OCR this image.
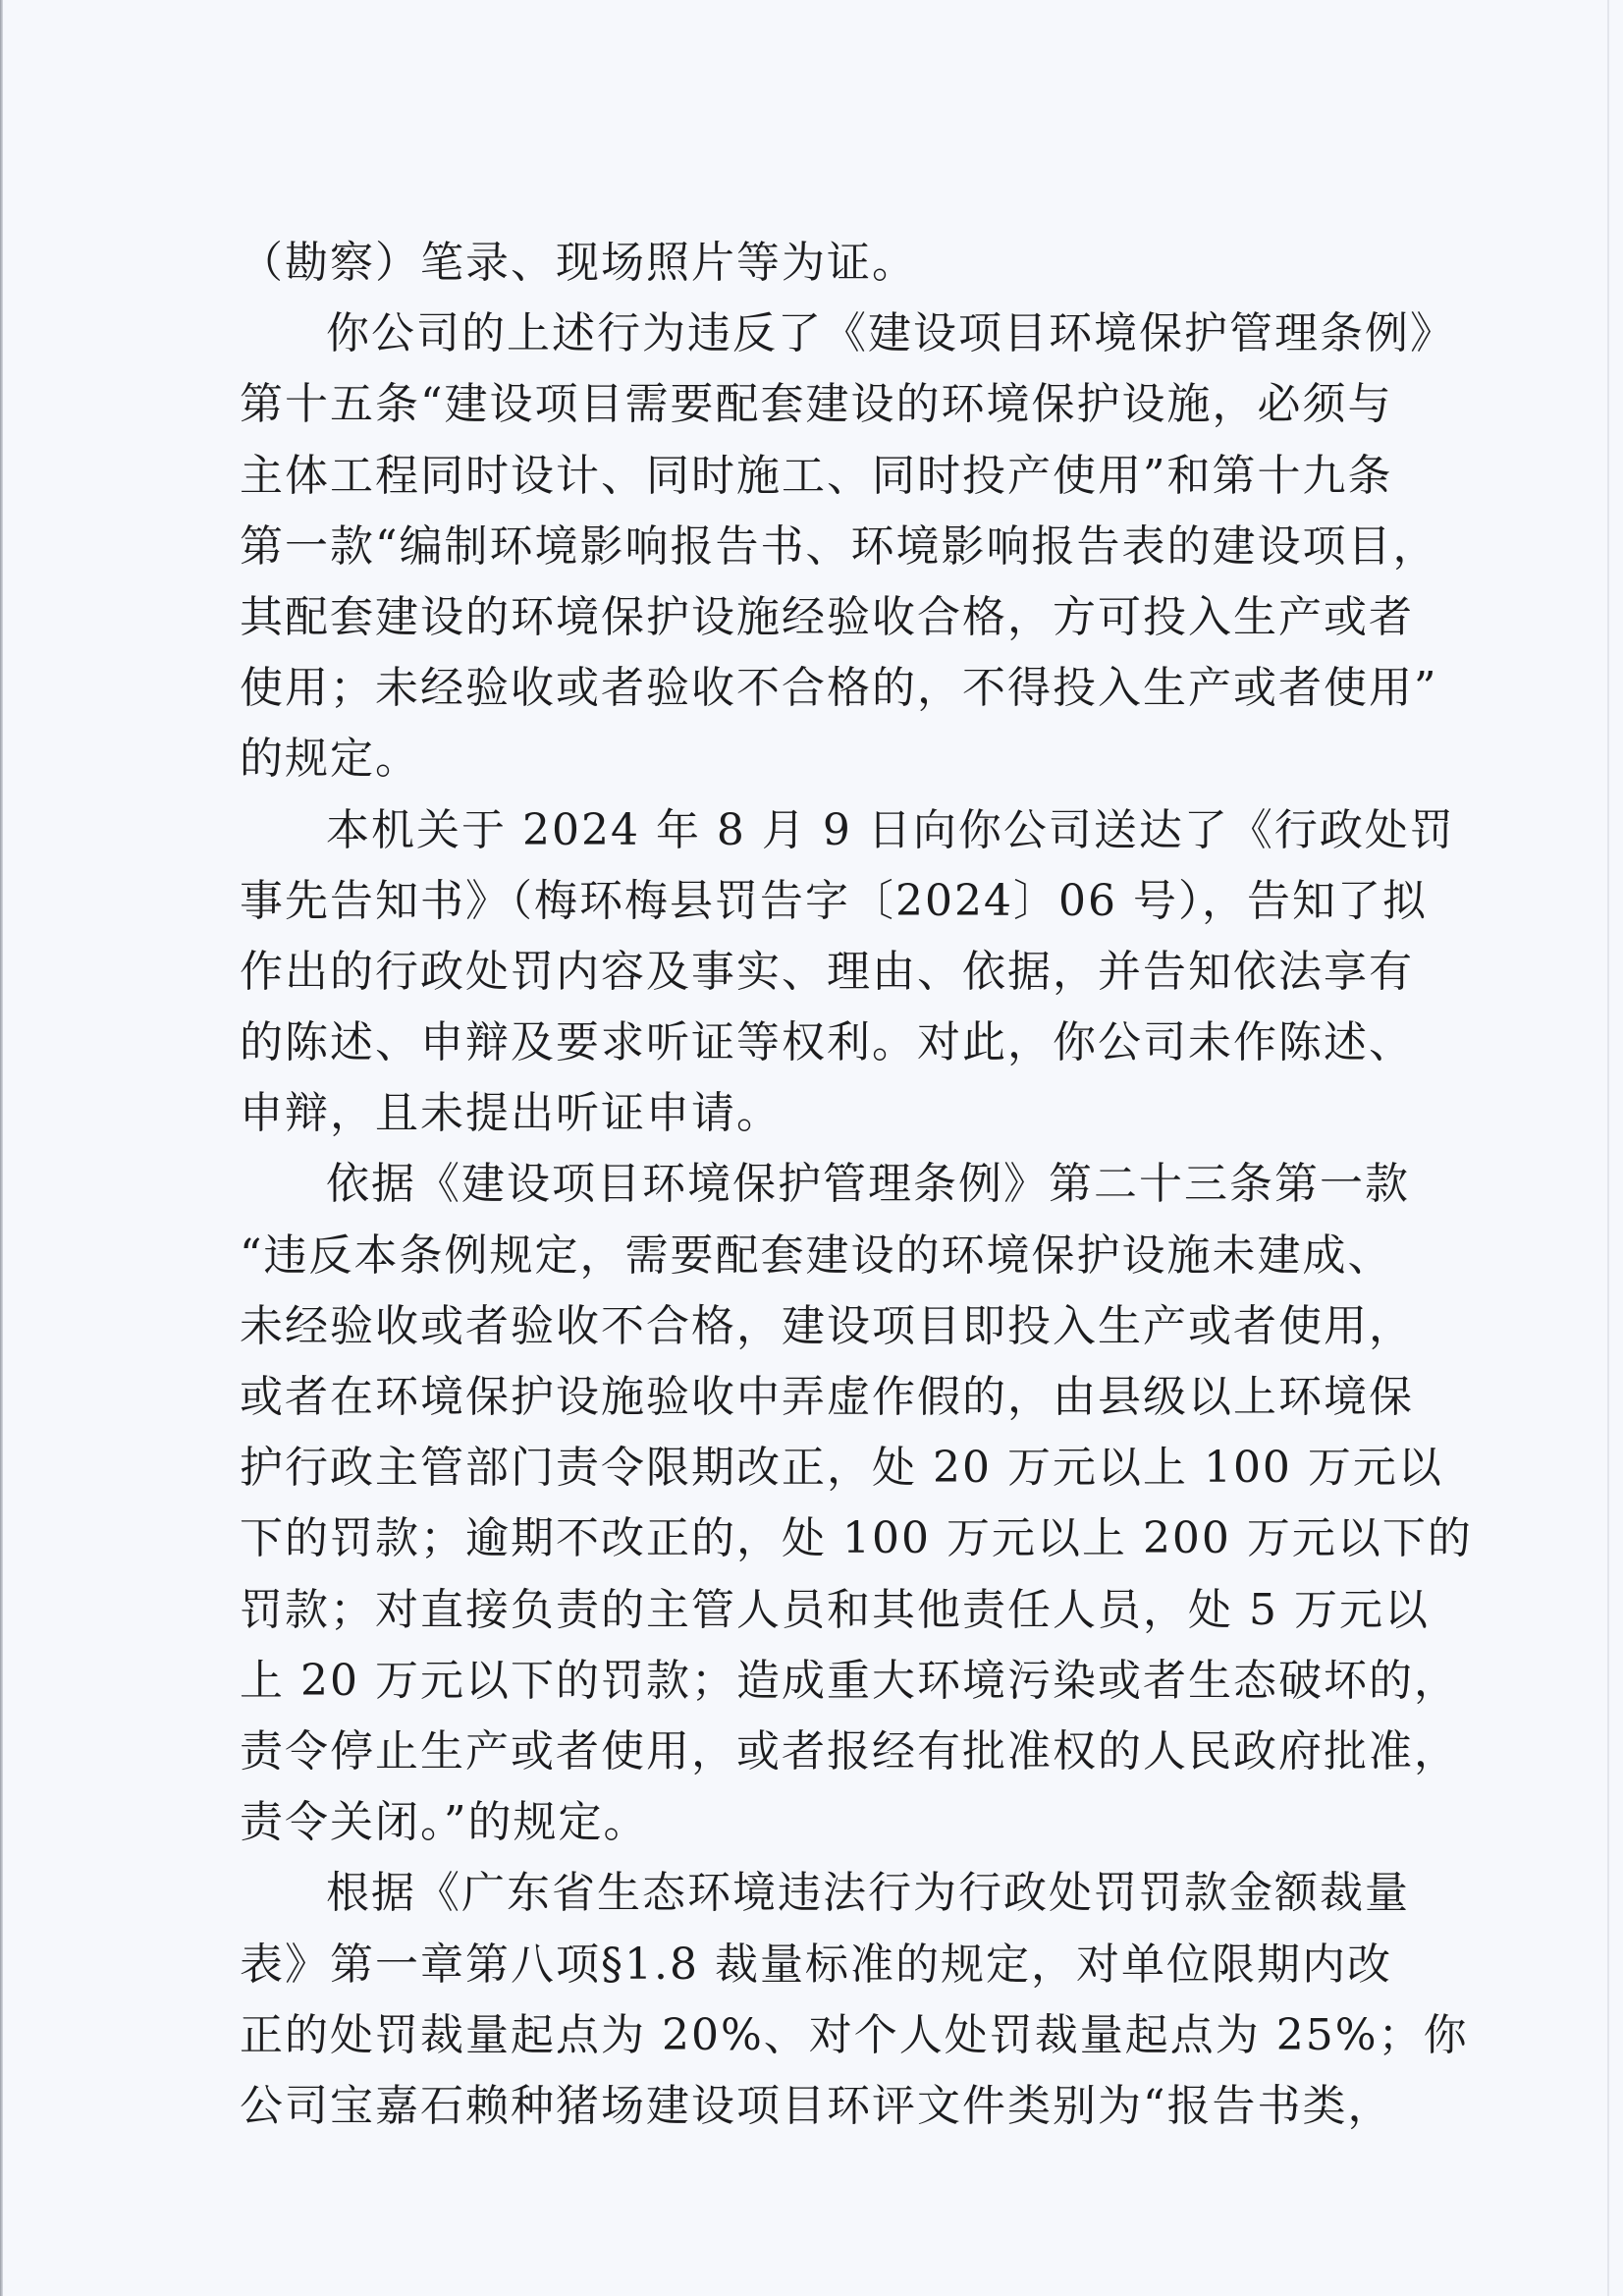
（勘察）笔录、现场照片等为证。
你公司的上述行为违反了《建设项目环境保护管理条例》
第十五条“建设项目需要配套建设的环境保护设施，必须与
主体工程同时设计、同时施工、同时投产使用”和第十九条
第一款“编制环境影响报告书、环境影响报告表的建设项目，
其配套建设的环境保护设施经验收合格，方可投入生产或者
使用；未经验收或者验收不合格的，不得投入生产或者使用”
的规定。
本机关于 2024 年 8 月 9 日向你公司送达了《行政处罚
事先告知书》（梅环梅县罚告字〔2024〕06 号），告知了拟
作出的行政处罚内容及事实、理由、依据，并告知依法享有
的陈述、申辩及要求听证等权利。对此，你公司未作陈述、
申辩，且未提出听证申请。
依据《建设项目环境保护管理条例》第二十三条第一款
“违反本条例规定，需要配套建设的环境保护设施未建成、
未经验收或者验收不合格，建设项目即投入生产或者使用，
或者在环境保护设施验收中弄虚作假的，由县级以上环境保
护行政主管部门责令限期改正，处 20 万元以上 100 万元以
下的罚款；逾期不改正的，处 100 万元以上 200 万元以下的
罚款；对直接负责的主管人员和其他责任人员，处 5 万元以
上 20 万元以下的罚款；造成重大环境污染或者生态破坏的，
责令停止生产或者使用，或者报经有批准权的人民政府批准，
责令关闭。”的规定。
根据《广东省生态环境违法行为行政处罚罚款金额裁量
表》第一章第八项§1.8 裁量标准的规定，对单位限期内改
正的处罚裁量起点为 20%、对个人处罚裁量起点为 25%；你
公司宝嘉石赖种猪场建设项目环评文件类别为“报告书类，
